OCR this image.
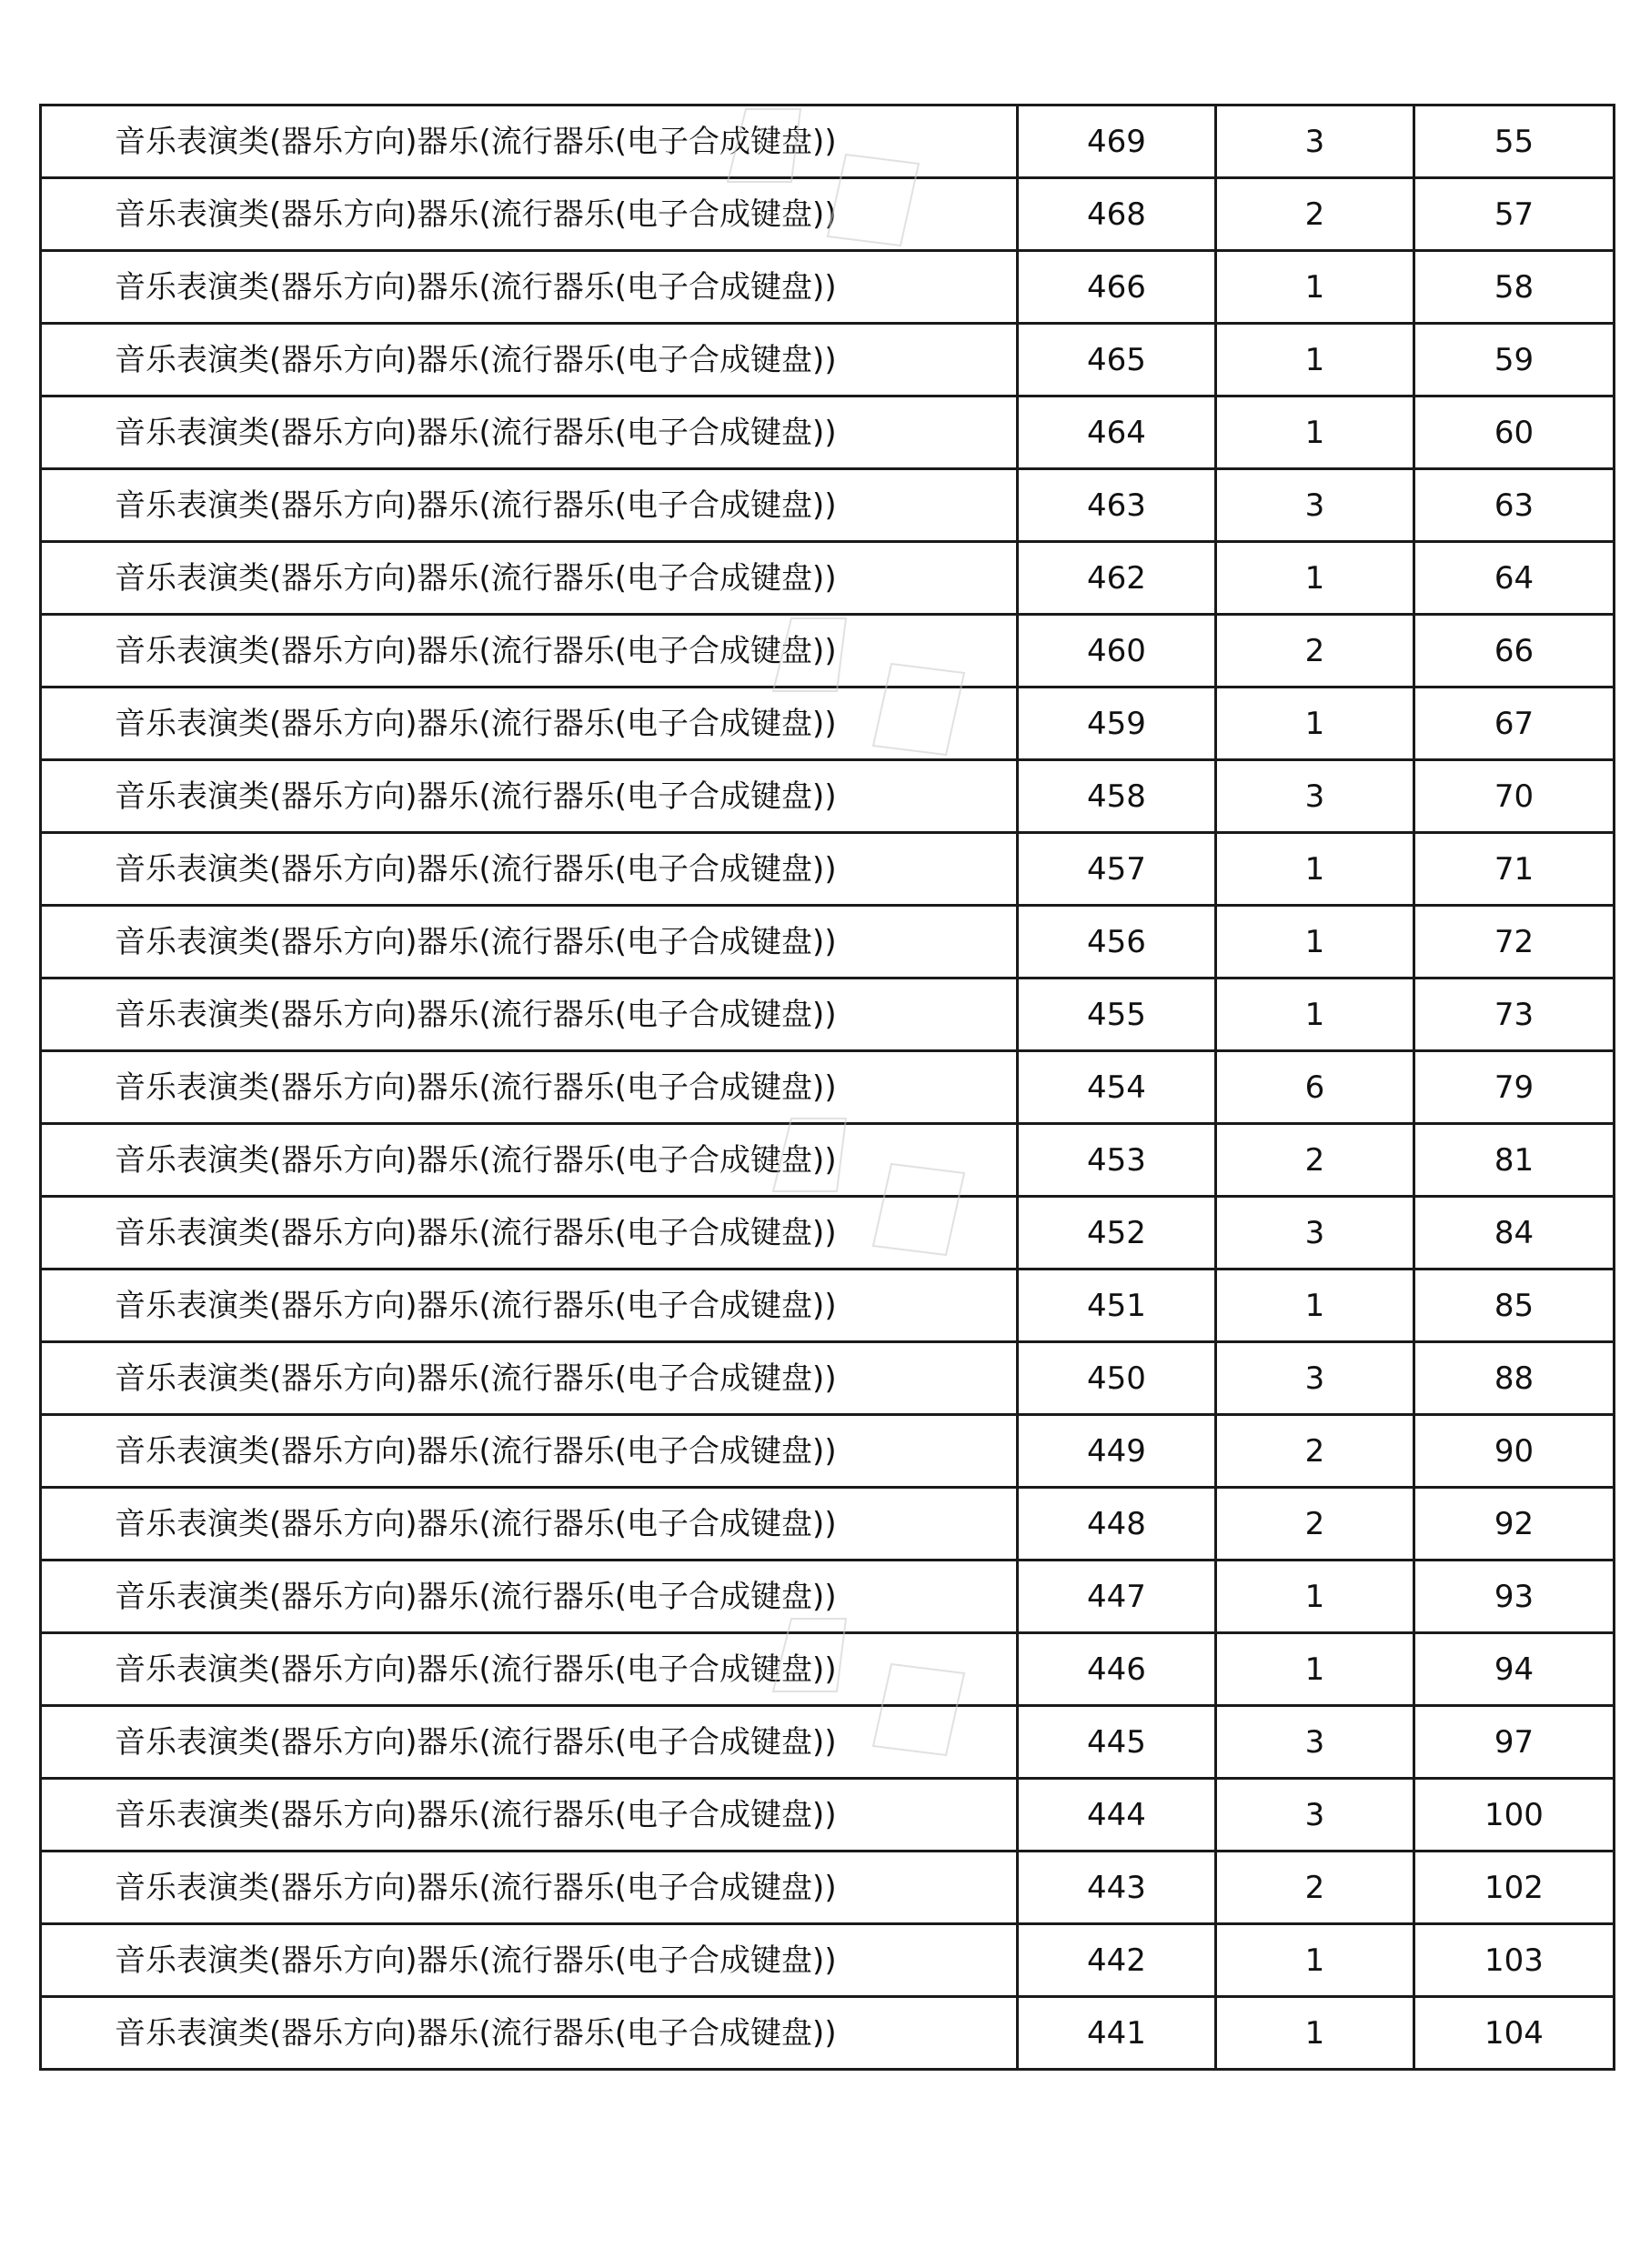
音乐表演类(器乐方向)器乐(流行器乐(电子合成键盘))	469	3	55
音乐表演类(器乐方向)器乐(流行器乐(电子合成键盘))	468	2	57
音乐表演类(器乐方向)器乐(流行器乐(电子合成键盘))	466	1	58
音乐表演类(器乐方向)器乐(流行器乐(电子合成键盘))	465	1	59
音乐表演类(器乐方向)器乐(流行器乐(电子合成键盘))	464	1	60
音乐表演类(器乐方向)器乐(流行器乐(电子合成键盘))	463	3	63
音乐表演类(器乐方向)器乐(流行器乐(电子合成键盘))	462	1	64
音乐表演类(器乐方向)器乐(流行器乐(电子合成键盘))	460	2	66
音乐表演类(器乐方向)器乐(流行器乐(电子合成键盘))	459	1	67
音乐表演类(器乐方向)器乐(流行器乐(电子合成键盘))	458	3	70
音乐表演类(器乐方向)器乐(流行器乐(电子合成键盘))	457	1	71
音乐表演类(器乐方向)器乐(流行器乐(电子合成键盘))	456	1	72
音乐表演类(器乐方向)器乐(流行器乐(电子合成键盘))	455	1	73
音乐表演类(器乐方向)器乐(流行器乐(电子合成键盘))	454	6	79
音乐表演类(器乐方向)器乐(流行器乐(电子合成键盘))	453	2	81
音乐表演类(器乐方向)器乐(流行器乐(电子合成键盘))	452	3	84
音乐表演类(器乐方向)器乐(流行器乐(电子合成键盘))	451	1	85
音乐表演类(器乐方向)器乐(流行器乐(电子合成键盘))	450	3	88
音乐表演类(器乐方向)器乐(流行器乐(电子合成键盘))	449	2	90
音乐表演类(器乐方向)器乐(流行器乐(电子合成键盘))	448	2	92
音乐表演类(器乐方向)器乐(流行器乐(电子合成键盘))	447	1	93
音乐表演类(器乐方向)器乐(流行器乐(电子合成键盘))	446	1	94
音乐表演类(器乐方向)器乐(流行器乐(电子合成键盘))	445	3	97
音乐表演类(器乐方向)器乐(流行器乐(电子合成键盘))	444	3	100
音乐表演类(器乐方向)器乐(流行器乐(电子合成键盘))	443	2	102
音乐表演类(器乐方向)器乐(流行器乐(电子合成键盘))	442	1	103
音乐表演类(器乐方向)器乐(流行器乐(电子合成键盘))	441	1	104
